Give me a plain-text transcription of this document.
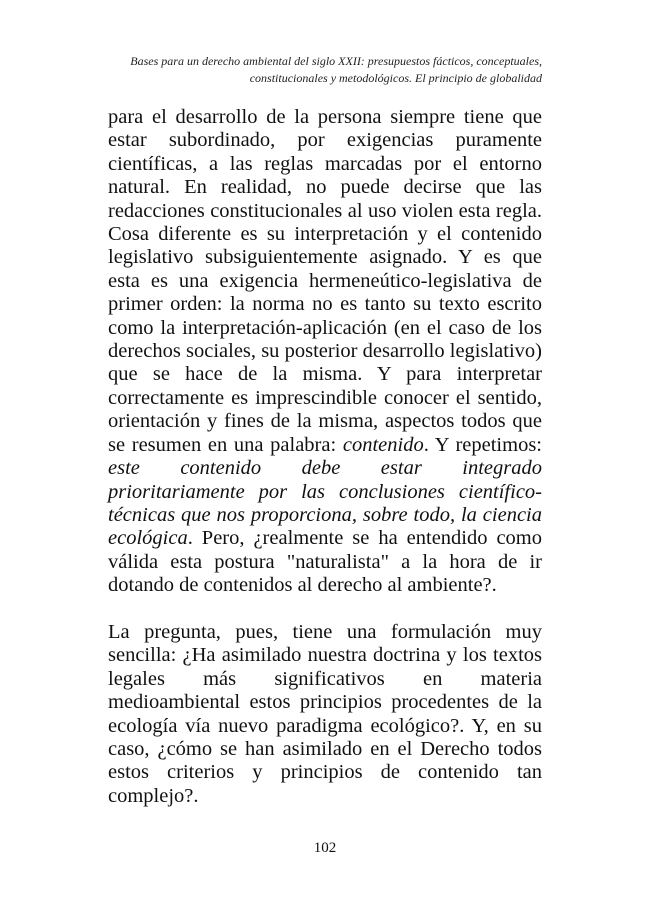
Bases para un derecho ambiental del siglo XXII: presupuestos fácticos, conceptuales,
constitucionales y metodológicos. El principio de globalidad

para el desarrollo de la persona siempre tiene que estar subordinado, por exigencias puramente científicas, a las reglas marcadas por el entorno natural. En realidad, no puede decirse que las redacciones constitucionales al uso violen esta regla. Cosa diferente es su interpretación y el contenido legislativo subsiguientemente asignado. Y es que esta es una exigencia hermeneútico-legislativa de primer orden: la norma no es tanto su texto escrito como la interpretación-aplicación (en el caso de los derechos sociales, su posterior desarrollo legislativo) que se hace de la misma. Y para interpretar correctamente es imprescindible conocer el sentido, orientación y fines de la misma, aspectos todos que se resumen en una palabra: contenido. Y repetimos: este contenido debe estar integrado prioritariamente por las conclusiones científico-técnicas que nos proporciona, sobre todo, la ciencia ecológica. Pero, ¿realmente se ha entendido como válida esta postura "naturalista" a la hora de ir dotando de contenidos al derecho al ambiente?.

La pregunta, pues, tiene una formulación muy sencilla: ¿Ha asimilado nuestra doctrina y los textos legales más significativos en materia medioambiental estos principios procedentes de la ecología vía nuevo paradigma ecológico?. Y, en su caso, ¿cómo se han asimilado en el Derecho todos estos criterios y principios de contenido tan complejo?.

102
